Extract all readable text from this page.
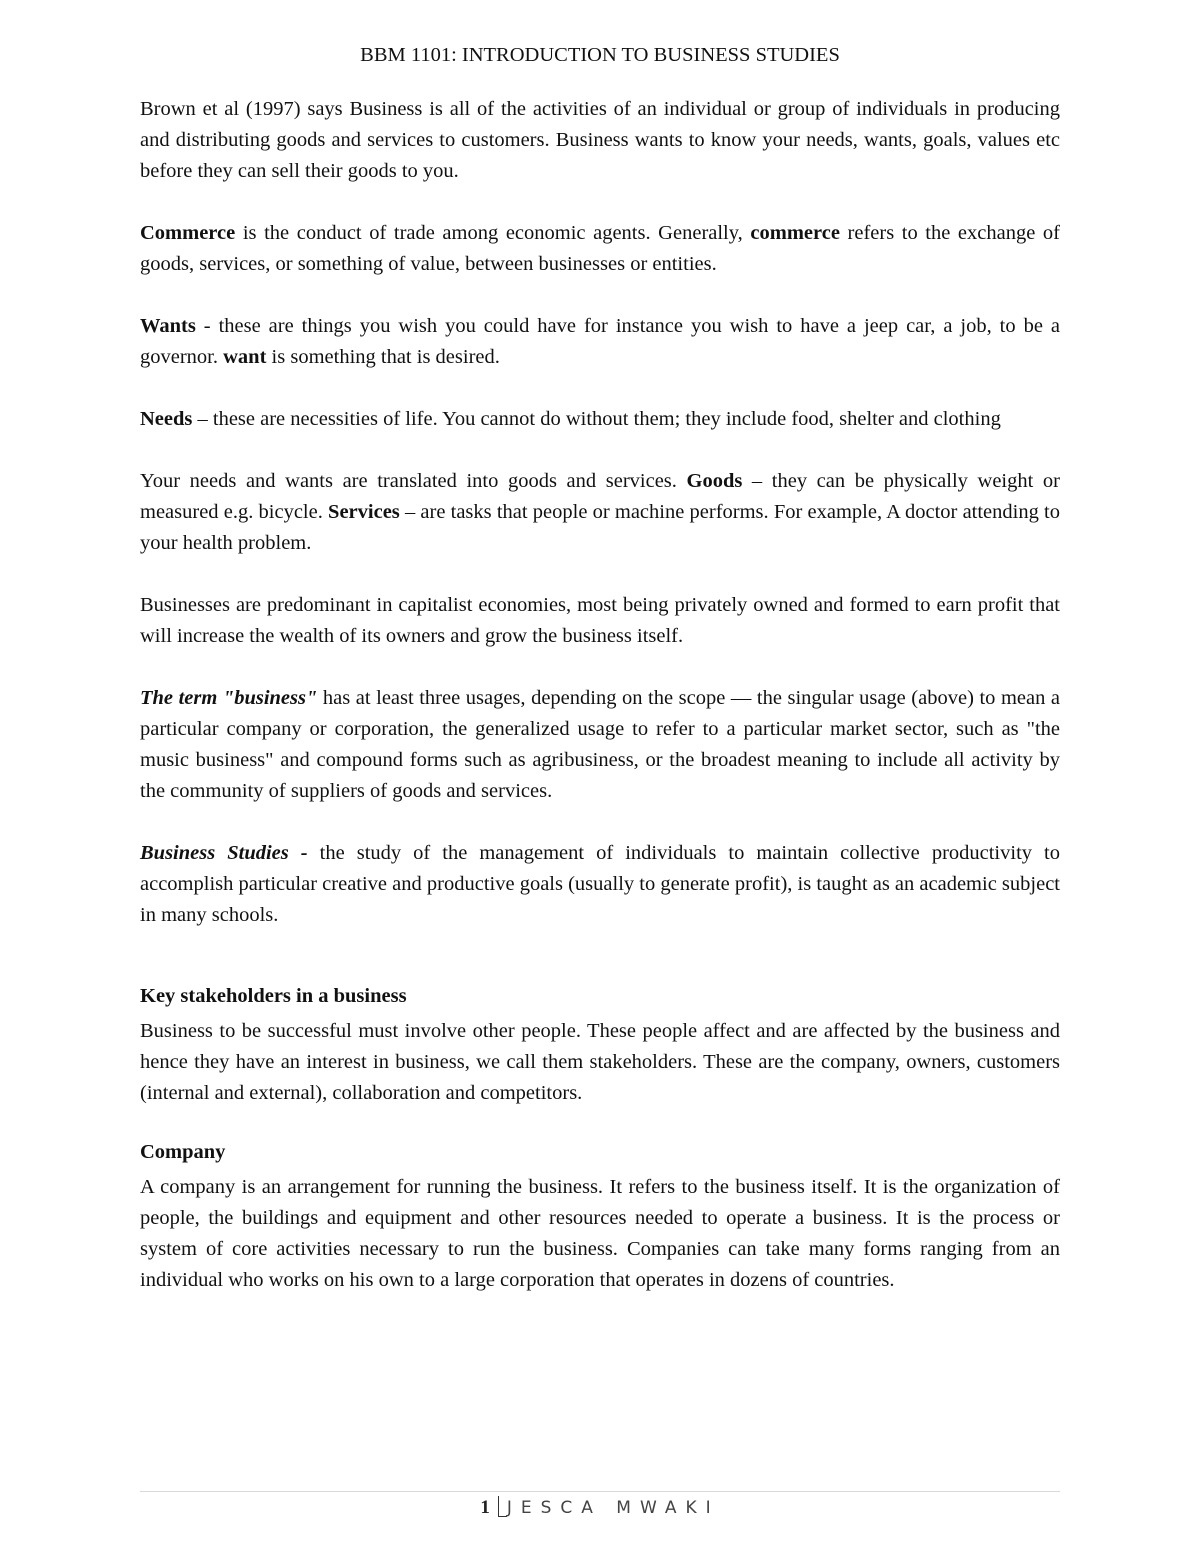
BBM 1101: INTRODUCTION TO BUSINESS STUDIES

Brown et al (1997) says Business is all of the activities of an individual or group of individuals in producing and distributing goods and services to customers. Business wants to know your needs, wants, goals, values etc before they can sell their goods to you.

Commerce is the conduct of trade among economic agents. Generally, commerce refers to the exchange of goods, services, or something of value, between businesses or entities.

Wants - these are things you wish you could have for instance you wish to have a jeep car, a job, to be a governor. want is something that is desired.

Needs – these are necessities of life. You cannot do without them; they include food, shelter and clothing

Your needs and wants are translated into goods and services. Goods – they can be physically weight or measured e.g. bicycle. Services – are tasks that people or machine performs. For example, A doctor attending to your health problem.

Businesses are predominant in capitalist economies, most being privately owned and formed to earn profit that will increase the wealth of its owners and grow the business itself.

The term "business" has at least three usages, depending on the scope — the singular usage (above) to mean a particular company or corporation, the generalized usage to refer to a particular market sector, such as "the music business" and compound forms such as agribusiness, or the broadest meaning to include all activity by the community of suppliers of goods and services.

Business Studies - the study of the management of individuals to maintain collective productivity to accomplish particular creative and productive goals (usually to generate profit), is taught as an academic subject in many schools.

Key stakeholders in a business

Business to be successful must involve other people. These people affect and are affected by the business and hence they have an interest in business, we call them stakeholders. These are the company, owners, customers (internal and external), collaboration and competitors.

Company

A company is an arrangement for running the business. It refers to the business itself. It is the organization of people, the buildings and equipment and other resources needed to operate a business. It is the process or system of core activities necessary to run the business. Companies can take many forms ranging from an individual who works on his own to a large corporation that operates in dozens of countries.

1 JESCA MWAKI
